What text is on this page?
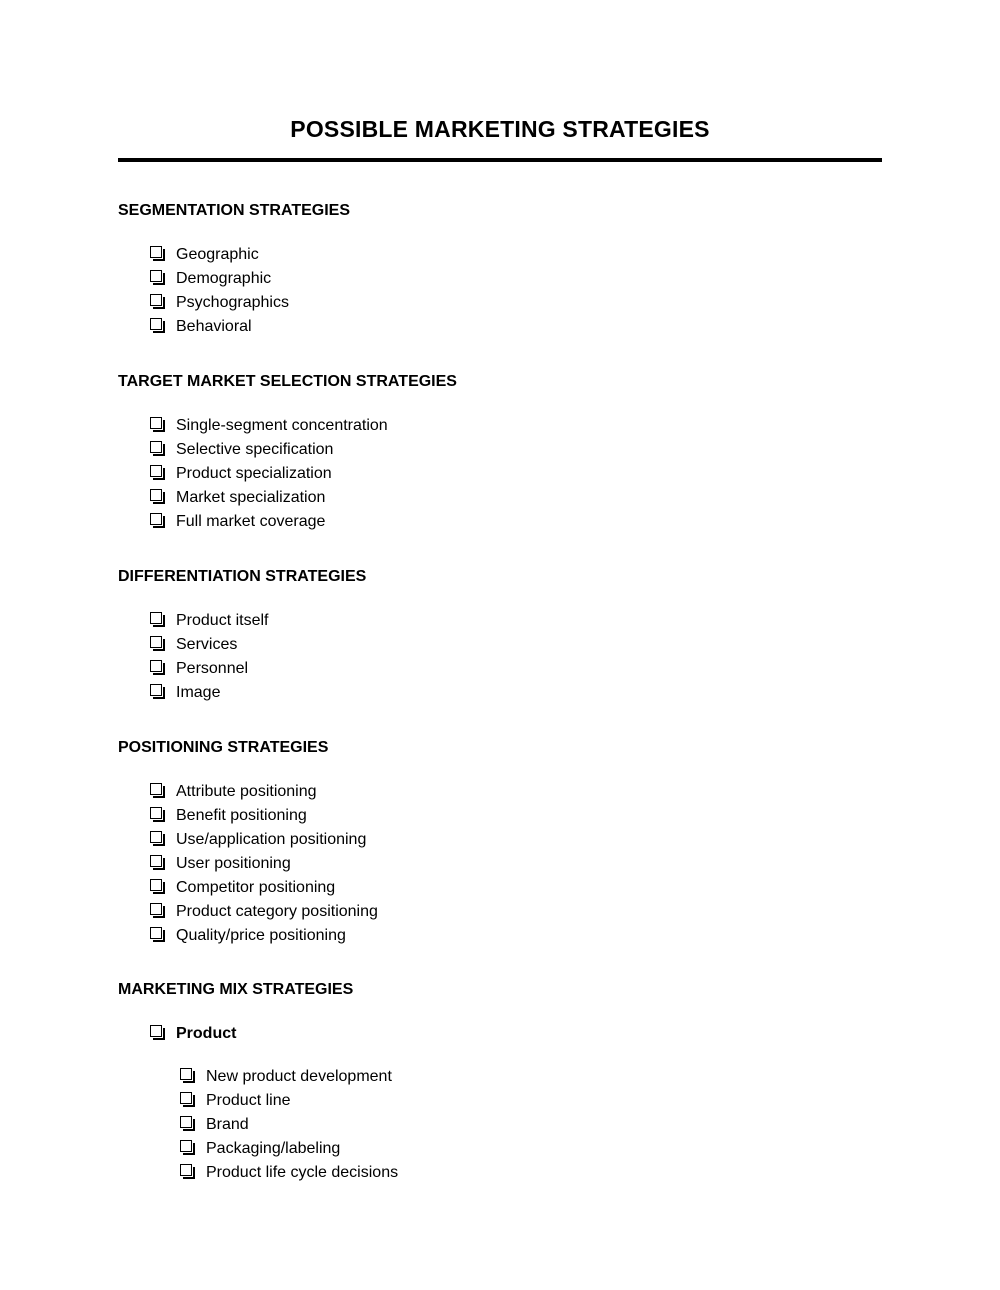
POSSIBLE MARKETING STRATEGIES

SEGMENTATION STRATEGIES

Geographic
Demographic
Psychographics
Behavioral

TARGET MARKET SELECTION STRATEGIES

Single-segment concentration
Selective specification
Product specialization
Market specialization
Full market coverage

DIFFERENTIATION STRATEGIES

Product itself
Services
Personnel
Image

POSITIONING STRATEGIES

Attribute positioning
Benefit positioning
Use/application positioning
User positioning
Competitor positioning
Product category positioning
Quality/price positioning

MARKETING MIX STRATEGIES

Product
New product development
Product line
Brand
Packaging/labeling
Product life cycle decisions
